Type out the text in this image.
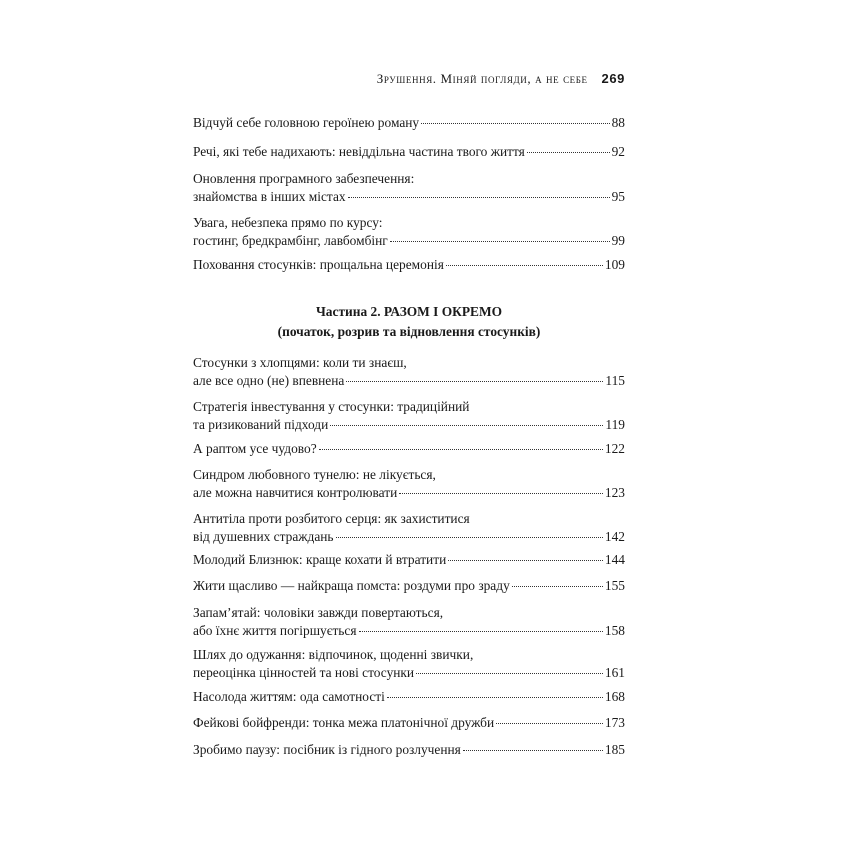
Зрушення. Міняй погляди, а не себе 269
Відчуй себе головною героїнею роману	88
Речі, які тебе надихають: невіддільна частина твого життя	92
Оновлення програмного забезпечення:
знайомства в інших містах	95
Увага, небезпека прямо по курсу:
гостинг, бредкрамбінг, лавбомбінг	99
Поховання стосунків: прощальна церемонія	109
Частина 2. РАЗОМ І ОКРЕМО
(початок, розрив та відновлення стосунків)
Стосунки з хлопцями: коли ти знаєш,
але все одно (не) впевнена	115
Стратегія інвестування у стосунки: традиційний
та ризикований підходи	119
А раптом усе чудово?	122
Синдром любовного тунелю: не лікується,
але можна навчитися контролювати	123
Антитіла проти розбитого серця: як захиститися
від душевних страждань	142
Молодий Близнюк: краще кохати й втратити	144
Жити щасливо — найкраща помста: роздуми про зраду	155
Запам’ятай: чоловіки завжди повертаються,
або їхнє життя погіршується	158
Шлях до одужання: відпочинок, щоденні звички,
переоцінка цінностей та нові стосунки	161
Насолода життям: ода самотності	168
Фейкові бойфренди: тонка межа платонічної дружби	173
Зробимо паузу: посібник із гідного розлучення	185
